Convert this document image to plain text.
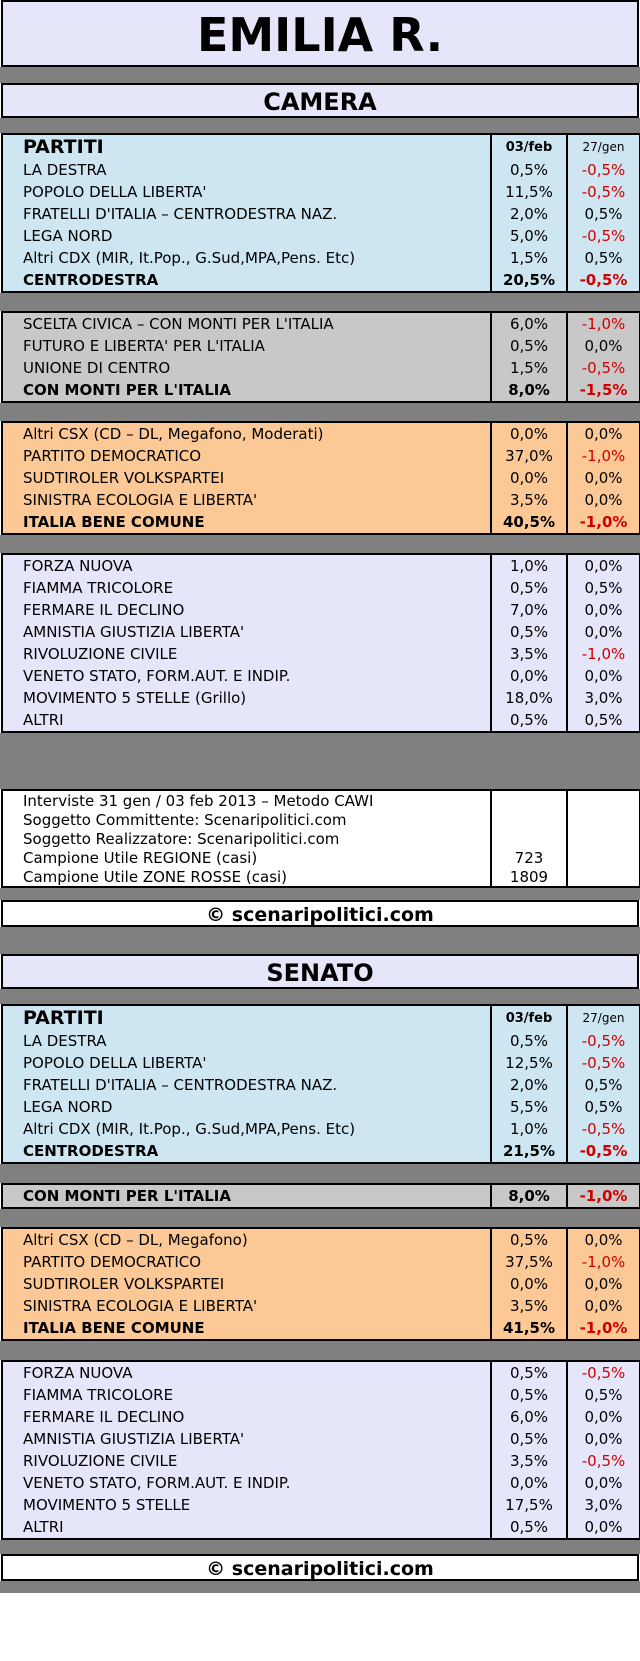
EMILIA R.
CAMERA
PARTITI	03/feb	27/gen
LA DESTRA	0,5%	-0,5%
POPOLO DELLA LIBERTA'	11,5%	-0,5%
FRATELLI D'ITALIA – CENTRODESTRA NAZ.	2,0%	0,5%
LEGA NORD	5,0%	-0,5%
Altri CDX (MIR, It.Pop., G.Sud,MPA,Pens. Etc)	1,5%	0,5%
CENTRODESTRA	20,5%	-0,5%
SCELTA CIVICA – CON MONTI PER L'ITALIA	6,0%	-1,0%
FUTURO E LIBERTA' PER L'ITALIA	0,5%	0,0%
UNIONE DI CENTRO	1,5%	-0,5%
CON MONTI PER L'ITALIA	8,0%	-1,5%
Altri CSX (CD – DL, Megafono, Moderati)	0,0%	0,0%
PARTITO DEMOCRATICO	37,0%	-1,0%
SUDTIROLER VOLKSPARTEI	0,0%	0,0%
SINISTRA ECOLOGIA E LIBERTA'	3,5%	0,0%
ITALIA BENE COMUNE	40,5%	-1,0%
FORZA NUOVA	1,0%	0,0%
FIAMMA TRICOLORE	0,5%	0,5%
FERMARE IL DECLINO	7,0%	0,0%
AMNISTIA GIUSTIZIA LIBERTA'	0,5%	0,0%
RIVOLUZIONE CIVILE	3,5%	-1,0%
VENETO STATO, FORM.AUT. E INDIP.	0,0%	0,0%
MOVIMENTO 5 STELLE (Grillo)	18,0%	3,0%
ALTRI	0,5%	0,5%
Interviste 31 gen / 03 feb 2013 – Metodo CAWI		
Soggetto Committente: Scenaripolitici.com		
Soggetto Realizzatore: Scenaripolitici.com		
Campione Utile REGIONE (casi)	723	
Campione Utile ZONE ROSSE (casi)	1809	
© scenaripolitici.com
SENATO
PARTITI	03/feb	27/gen
LA DESTRA	0,5%	-0,5%
POPOLO DELLA LIBERTA'	12,5%	-0,5%
FRATELLI D'ITALIA – CENTRODESTRA NAZ.	2,0%	0,5%
LEGA NORD	5,5%	0,5%
Altri CDX (MIR, It.Pop., G.Sud,MPA,Pens. Etc)	1,0%	-0,5%
CENTRODESTRA	21,5%	-0,5%
CON MONTI PER L'ITALIA	8,0%	-1,0%
Altri CSX (CD – DL, Megafono)	0,5%	0,0%
PARTITO DEMOCRATICO	37,5%	-1,0%
SUDTIROLER VOLKSPARTEI	0,0%	0,0%
SINISTRA ECOLOGIA E LIBERTA'	3,5%	0,0%
ITALIA BENE COMUNE	41,5%	-1,0%
FORZA NUOVA	0,5%	-0,5%
FIAMMA TRICOLORE	0,5%	0,5%
FERMARE IL DECLINO	6,0%	0,0%
AMNISTIA GIUSTIZIA LIBERTA'	0,5%	0,0%
RIVOLUZIONE CIVILE	3,5%	-0,5%
VENETO STATO, FORM.AUT. E INDIP.	0,0%	0,0%
MOVIMENTO 5 STELLE	17,5%	3,0%
ALTRI	0,5%	0,0%
© scenaripolitici.com
